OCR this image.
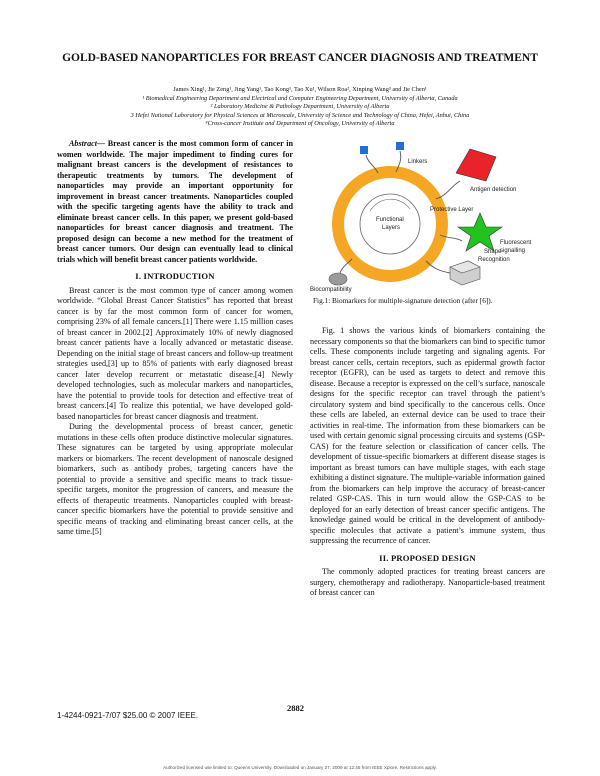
GOLD-BASED NANOPARTICLES FOR BREAST CANCER DIAGNOSIS AND TREATMENT
James Xing¹, Jie Zeng¹, Jing Yang¹, Tao Kong¹, Tao Xu¹, Wilson Roa², Xinping Wang³ and Jie Chen¹
¹ Biomedical Engineering Department and Electrical and Computer Engineering Department, University of Alberta, Canada
² Laboratory Medicine & Pathology Department, University of Alberta
3 Hefei National Laboratory for Physical Sciences at Microscale, University of Science and Technology of China, Hefei, Anhui, China
⁴Cross-cancer Institute and Department of Oncology, University of Alberta

Abstract— Breast cancer is the most common form of cancer in women worldwide. The major impediment to finding cures for malignant breast cancers is the development of resistances to therapeutic treatments by tumors. The development of nanoparticles may provide an important opportunity for improvement in breast cancer treatments. Nanoparticles coupled with the specific targeting agents have the ability to track and eliminate breast cancer cells. In this paper, we present gold-based nanoparticles for breast cancer diagnosis and treatment. The proposed design can become a new method for the treatment of breast cancer tumors. Our design can eventually lead to clinical trials which will benefit breast cancer patients worldwide.

I. INTRODUCTION

Breast cancer is the most common type of cancer among women worldwide. “Global Breast Cancer Statistics” has reported that breast cancer is by far the most common form of cancer for women, comprising 23% of all female cancers.[1] There were 1.15 million cases of breast cancer in 2002.[2] Approximately 10% of newly diagnosed breast cancer patients have a locally advanced or metastatic disease. Depending on the initial stage of breast cancers and follow-up treatment strategies used,[3] up to 85% of patients with early diagnosed breast cancer later develop recurrent or metastatic disease.[4] Newly developed technologies, such as molecular markers and nanoparticles, have the potential to provide tools for detection and effective treat of breast cancers.[4] To realize this potential, we have developed gold-based nanoparticles for breast cancer diagnosis and treatment.

During the developmental process of breast cancer, genetic mutations in these cells often produce distinctive molecular signatures. These signatures can be targeted by using appropriate molecular markers or biomarkers. The recent development of nanoscale designed biomarkers, such as antibody probes, targeting cancers have the potential to provide a sensitive and specific means to track tissue-specific targets, monitor the progression of cancers, and measure the effects of therapeutic treatments. Nanoparticles coupled with breast-cancer specific biomarkers have the potential to provide sensitive and specific means of tracking and eliminating breast cancer cells, at the same time.[5]

Linkers
Antigen detection
Protective Layer
Functional
Layers
Fluorescent
signalling
Shape
Recognition
Biocompatibility
Fig.1: Biomarkers for multiple-signature detection (after [6]).

Fig. 1 shows the various kinds of biomarkers containing the necessary components so that the biomarkers can bind to specific tumor cells. These components include targeting and signaling agents. For breast cancer cells, certain receptors, such as epidermal growth factor receptor (EGFR), can be used as targets to detect and remove this disease. Because a receptor is expressed on the cell’s surface, nanoscale designs for the specific receptor can travel through the patient’s circulatory system and bind specifically to the cancerous cells. Once these cells are labeled, an external device can be used to trace their activities in real-time. The information from these biomarkers can be used with certain genomic signal processing circuits and systems (GSP-CAS) for the feature selection or classification of cancer cells. The development of tissue-specific biomarkers at different disease stages is important as breast tumors can have multiple stages, with each stage exhibiting a distinct signature. The multiple-variable information gained from the biomarkers can help improve the accuracy of breast-cancer related GSP-CAS. This in turn would allow the GSP-CAS to be deployed for an early detection of breast cancer specific antigens. The knowledge gained would be critical in the development of antibody-specific molecules that activate a patient’s immune system, thus suppressing the recurrence of cancer.

II. PROPOSED DESIGN

The commonly adopted practices for treating breast cancers are surgery, chemotherapy and radiotherapy. Nanoparticle-based treatment of breast cancer can

2882
1-4244-0921-7/07 $25.00 © 2007 IEEE.
Authorized licensed use limited to: Queens University. Downloaded on January 27, 2009 at 12:45 from IEEE Xplore. Restrictions apply.
